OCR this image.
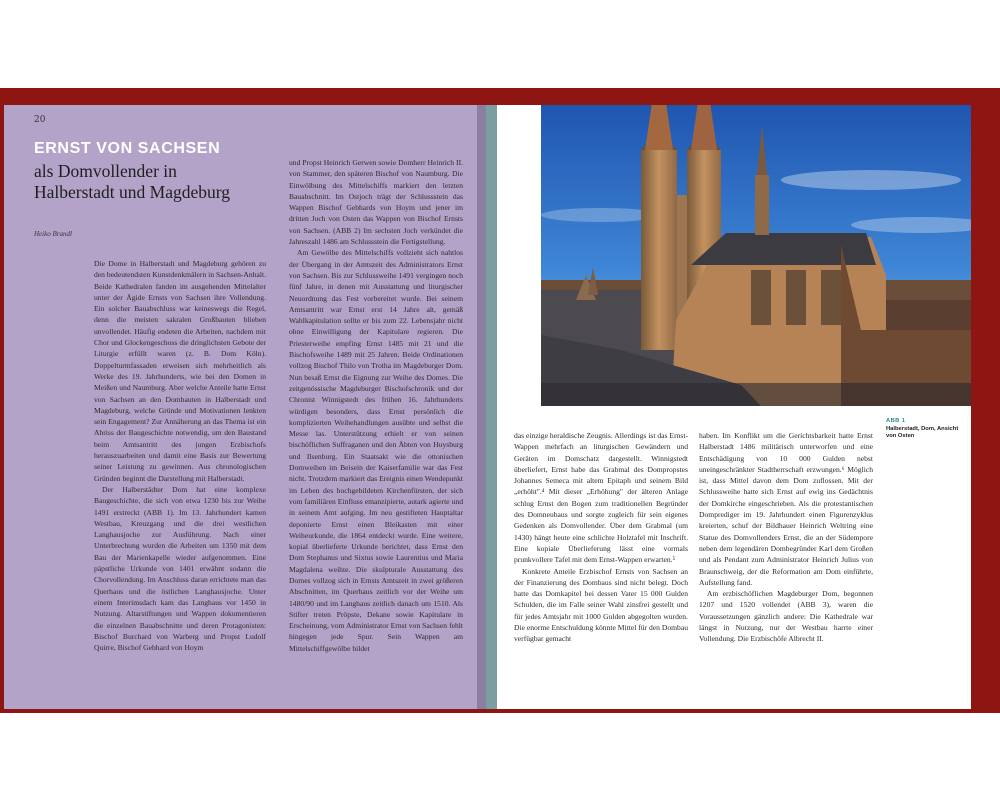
20
ERNST VON SACHSEN
als Domvollender in Halberstadt und Magdeburg
Heiko Brandl

Die Dome in Halberstadt und Magdeburg gehören zu den bedeutendsten Kunstdenkmälern in Sachsen-Anhalt. Beide Kathedralen fanden im ausgehenden Mittelalter unter der Ägide Ernsts von Sachsen ihre Vollendung. Ein solcher Bauabschluss war keineswegs die Regel, denn die meisten sakralen Großbauten blieben unvollendet. Häufig endeten die Arbeiten, nachdem mit Chor und Glockengeschoss die dringlichsten Gebote der Liturgie erfüllt waren (z. B. Dom Köln). Doppelturmfassaden erweisen sich mehrheitlich als Werke des 19. Jahrhunderts, wie bei den Domen in Meißen und Naumburg. Aber welche Anteile hatte Ernst von Sachsen an den Dombauten in Halberstadt und Magdeburg, welche Gründe und Motivationen lenkten sein Engagement? Zur Annäherung an das Thema ist ein Abriss der Baugeschichte notwendig, um den Baustand beim Amtsantritt des jungen Erzbischofs herauszuarbeiten und damit eine Basis zur Bewertung seiner Leistung zu gewinnen. Aus chronologischen Gründen beginnt die Darstellung mit Halberstadt.

Der Halberstädter Dom hat eine komplexe Baugeschichte, die sich von etwa 1230 bis zur Weihe 1491 erstreckt (ABB 1). Im 13. Jahrhundert kamen Westbau, Kreuzgang und die drei westlichen Langhausjoche zur Ausführung. Nach einer Unterbrechung wurden die Arbeiten um 1350 mit dem Bau der Marienkapelle wieder aufgenommen. Eine päpstliche Urkunde von 1401 erwähnt sodann die Chorvollendung. Im Anschluss daran errichtete man das Querhaus und die östlichen Langhausjoche. Unter einem Interimsdach kam das Langhaus vor 1450 in Nutzung. Altarstiftungen und Wappen dokumentieren die einzelnen Bauabschnitte und deren Protagonisten: Bischof Burchard von Warberg und Propst Ludolf Quirre, Bischof Gebhard von Hoym

und Propst Heinrich Gerwen sowie Domherr Heinrich II. von Stammer, den späteren Bischof von Naumburg. Die Einwölbung des Mittelschiffs markiert den letzten Bauabschnitt. Im Ostjoch trägt der Schlussstein das Wappen Bischof Gebhards von Hoym und jener im dritten Joch von Osten das Wappen von Bischof Ernsts von Sachsen. (ABB 2) Im sechsten Joch verkündet die Jahreszahl 1486 am Schlussstein die Fertigstellung.

Am Gewölbe des Mittelschiffs vollzieht sich nahtlos der Übergang in der Amtszeit des Administrators Ernst von Sachsen. Bis zur Schlussweihe 1491 vergingen noch fünf Jahre, in denen mit Ausstattung und liturgischer Neuordnung das Fest vorbereitet wurde. Bei seinem Amtsantritt war Ernst erst 14 Jahre alt, gemäß Wahlkapitulation sollte er bis zum 22. Lebensjahr nicht ohne Einwilligung der Kapitulare regieren. Die Priesterweihe empfing Ernst 1485 mit 21 und die Bischofsweihe 1489 mit 25 Jahren. Beide Ordinationen vollzog Bischof Thilo von Trotha im Magdeburger Dom. Nun besaß Ernst die Eignung zur Weihe des Domes. Die zeitgenössische Magdeburger Bischofschronik und der Chronist Winnigstedt des frühen 16. Jahrhunderts würdigen besonders, dass Ernst persönlich die komplizierten Weihehandlungen ausübte und selbst die Messe las. Unterstützung erhielt er von seinen bischöflichen Suffraganen und den Äbten von Huysburg und Ilsenburg. Ein Staatsakt wie die ottonischen Domweihen im Beisein der Kaiserfamilie war das Fest nicht. Trotzdem markiert das Ereignis einen Wendepunkt im Leben des hochgebildeten Kirchenfürsten, der sich vom familiären Einfluss emanzipierte, autark agierte und in seinem Amt aufging. Im neu gestifteten Hauptaltar deponierte Ernst einen Bleikasten mit einer Weiheurkunde, die 1864 entdeckt wurde. Eine weitere, kopial überlieferte Urkunde berichtet, dass Ernst den Dom Stephanus und Sixtus sowie Laurentius und Maria Magdalena weihte. Die skulpturale Ausstattung des Domes vollzog sich in Ernsts Amtszeit in zwei größeren Abschnitten, im Querhaus zeitlich vor der Weihe um 1480/90 und im Langhaus zeitlich danach um 1510. Als Stifter treten Pröpste, Dekane sowie Kapitulare in Erscheinung, vom Administrator Ernst von Sachsen fehlt hingegen jede Spur. Sein Wappen am Mittelschiffgewölbe bildet

ABB 1
Halberstadt, Dom, Ansicht von Osten

das einzige heraldische Zeugnis. Allerdings ist das Ernst-Wappen mehrfach an liturgischen Gewändern und Geräten im Domschatz dargestellt. Winnigstedt überliefert, Ernst habe das Grabmal des Dompropstes Johannes Semeca mit altem Epitaph und seinem Bild „erhöht".⁴ Mit dieser „Erhöhung" der älteren Anlage schlug Ernst den Bogen zum traditionellen Begründer des Domneubaus und sorgte zugleich für sein eigenes Gedenken als Domvollender. Über dem Grabmal (um 1430) hängt heute eine schlichte Holztafel mit Inschrift. Eine kopiale Überlieferung lässt eine vormals prunkvollere Tafel mit dem Ernst-Wappen erwarten.⁵

Konkrete Anteile Erzbischof Ernsts von Sachsen an der Finanzierung des Dombaus sind nicht belegt. Doch hatte das Domkapitel bei dessen Vater 15 000 Gulden Schulden, die im Falle seiner Wahl zinsfrei gestellt und für jedes Amtsjahr mit 1000 Gulden abgegolten wurden. Die enorme Entschuldung könnte Mittel für den Dombau verfügbar gemacht

haben. Im Konflikt um die Gerichtsbarkeit hatte Ernst Halberstadt 1486 militärisch unterworfen und eine Entschädigung von 10 000 Gulden nebst uneingeschränkter Stadtherrschaft erzwungen.⁶ Möglich ist, dass Mittel davon dem Dom zuflossen. Mit der Schlussweihe hatte sich Ernst auf ewig ins Gedächtnis der Domkirche eingeschrieben. Als die protestantischen Domprediger im 19. Jahrhundert einen Figurenzyklus kreierten, schuf der Bildhauer Heinrich Weltring eine Statue des Domvollenders Ernst, die an der Südempore neben dem legendären Dombegründer Karl dem Großen und als Pendant zum Administrator Heinrich Julius von Braunschweig, der die Reformation am Dom einführte, Aufstellung fand.

Am erzbischöflichen Magdeburger Dom, begonnen 1207 und 1520 vollendet (ABB 3), waren die Voraussetzungen gänzlich andere: Die Kathedrale war längst in Nutzung, nur der Westbau harrte einer Vollendung. Die Erzbischöfe Albrecht II.
